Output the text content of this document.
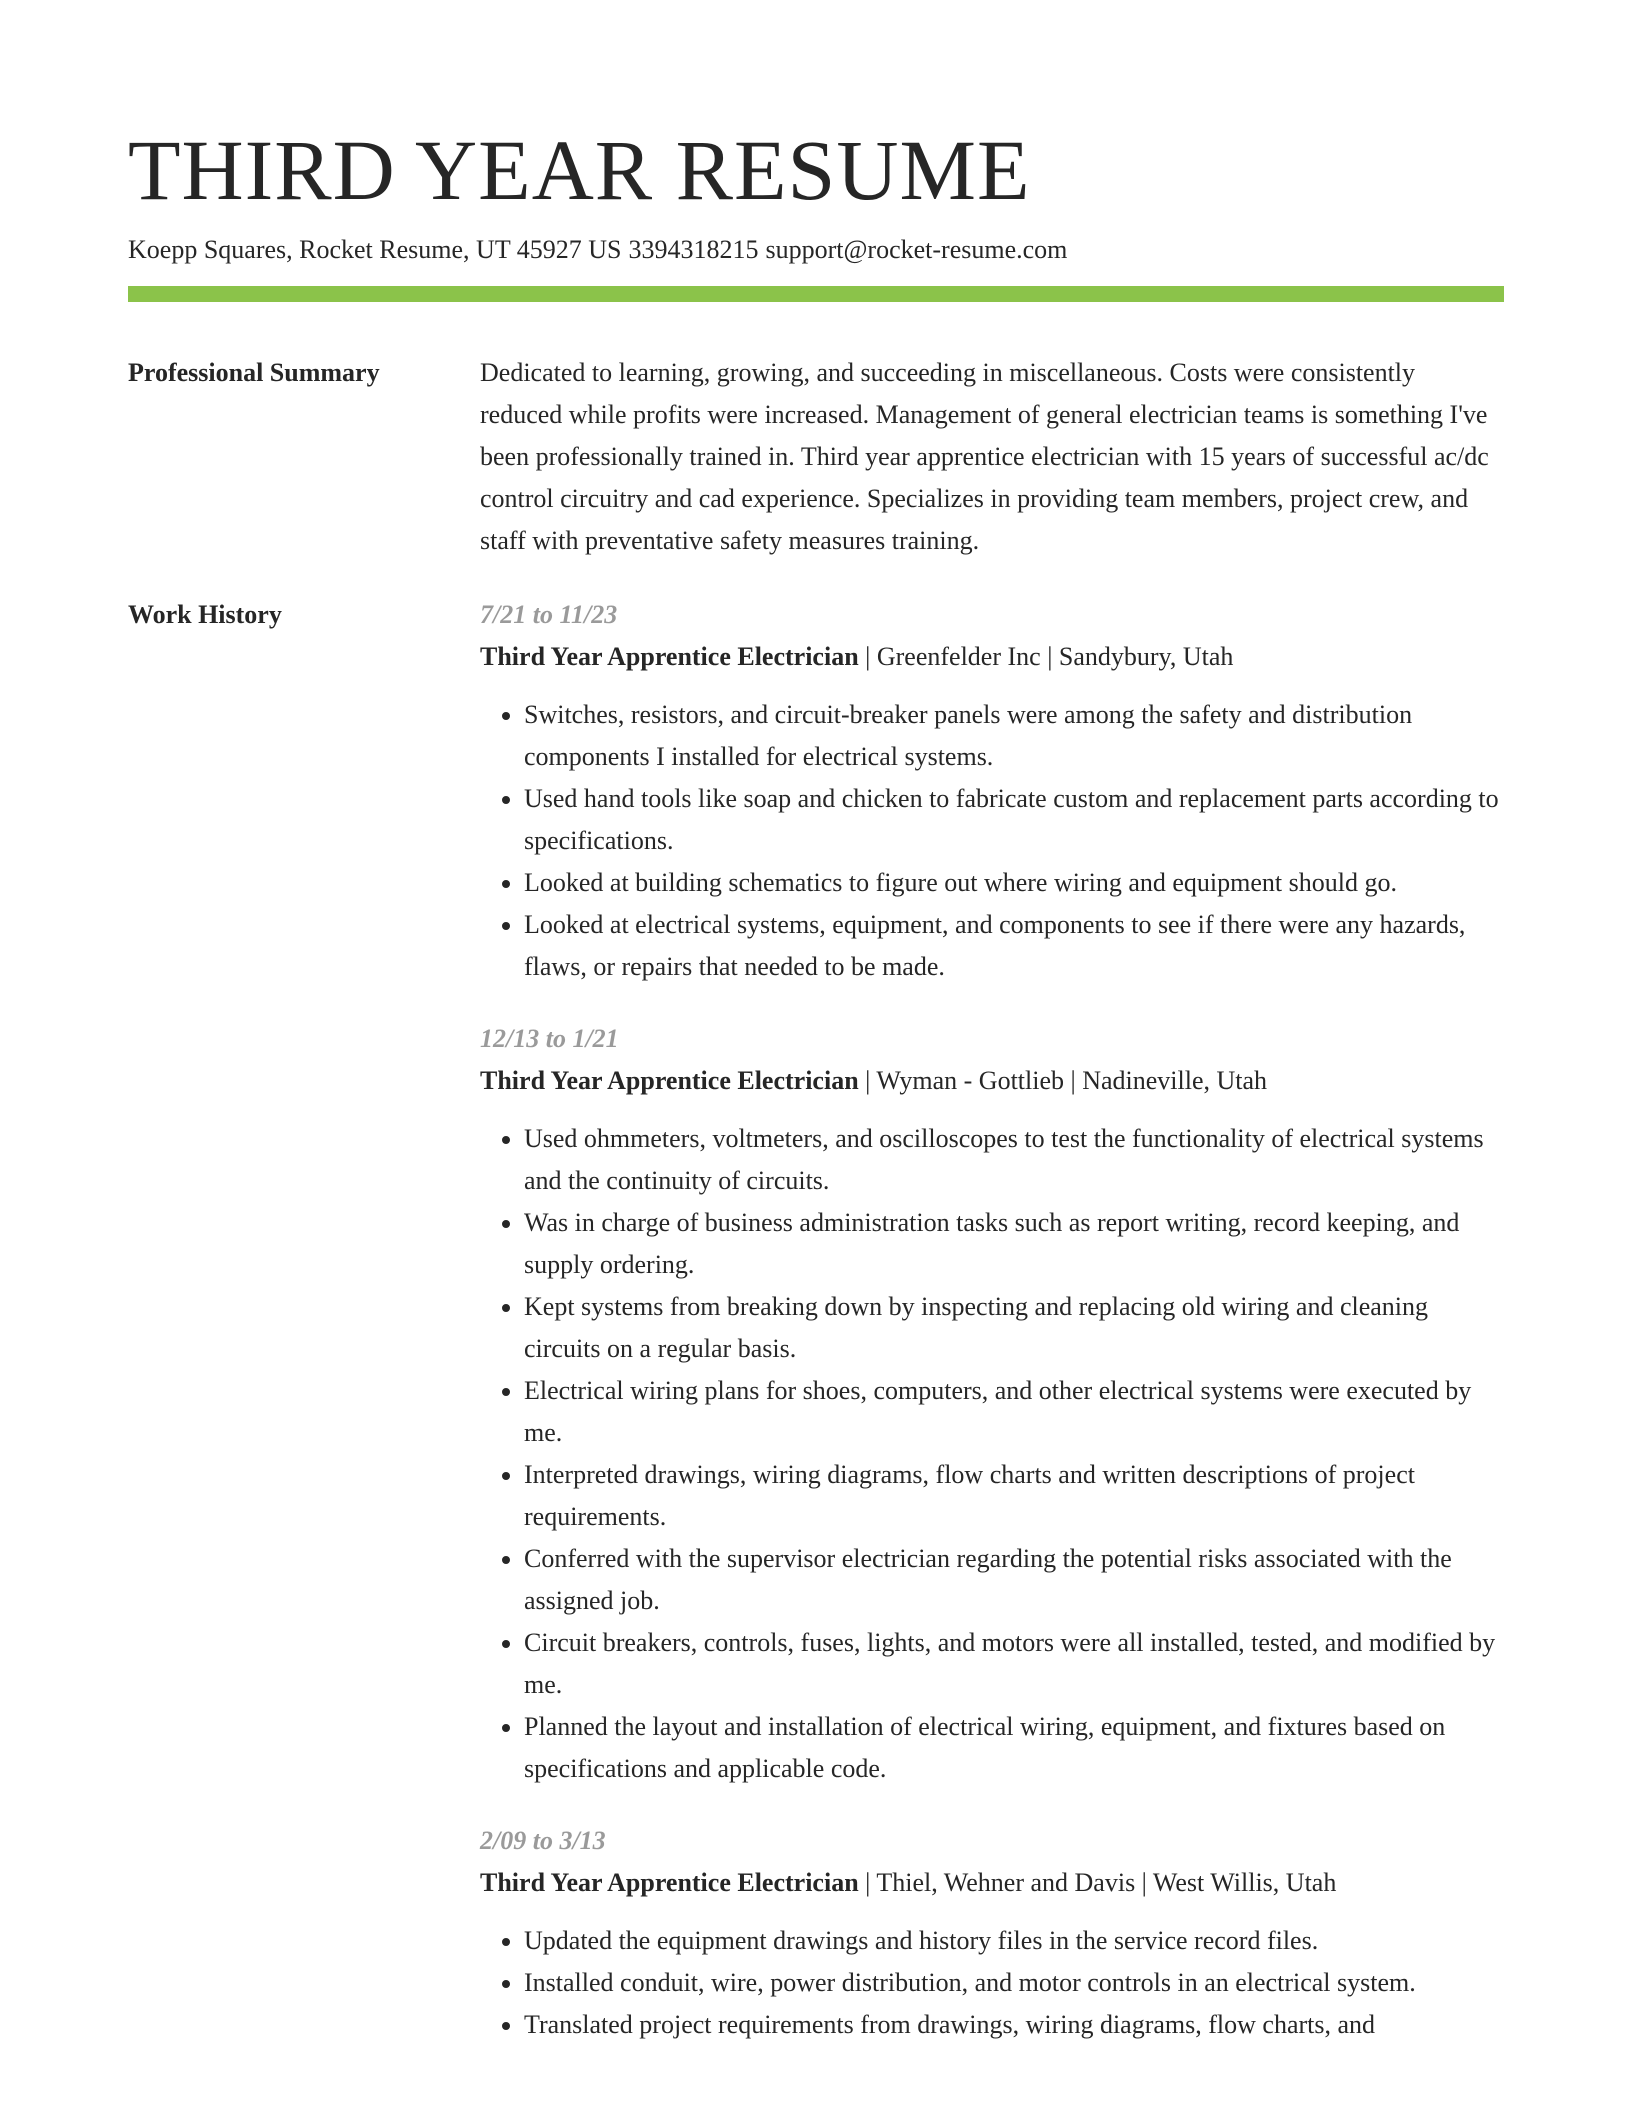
THIRD YEAR RESUME
Koepp Squares, Rocket Resume, UT 45927 US 3394318215 support@rocket-resume.com
Professional Summary	Dedicated to learning, growing, and succeeding in miscellaneous. Costs were consistently reduced while profits were increased. Management of general electrician teams is something I've been professionally trained in. Third year apprentice electrician with 15 years of successful ac/dc control circuitry and cad experience. Specializes in providing team members, project crew, and staff with preventative safety measures training.
Work History	7/21 to 11/23
Third Year Apprentice Electrician | Greenfelder Inc | Sandybury, Utah
• Switches, resistors, and circuit-breaker panels were among the safety and distribution components I installed for electrical systems.
• Used hand tools like soap and chicken to fabricate custom and replacement parts according to specifications.
• Looked at building schematics to figure out where wiring and equipment should go.
• Looked at electrical systems, equipment, and components to see if there were any hazards, flaws, or repairs that needed to be made.
12/13 to 1/21
Third Year Apprentice Electrician | Wyman - Gottlieb | Nadineville, Utah
• Used ohmmeters, voltmeters, and oscilloscopes to test the functionality of electrical systems and the continuity of circuits.
• Was in charge of business administration tasks such as report writing, record keeping, and supply ordering.
• Kept systems from breaking down by inspecting and replacing old wiring and cleaning circuits on a regular basis.
• Electrical wiring plans for shoes, computers, and other electrical systems were executed by me.
• Interpreted drawings, wiring diagrams, flow charts and written descriptions of project requirements.
• Conferred with the supervisor electrician regarding the potential risks associated with the assigned job.
• Circuit breakers, controls, fuses, lights, and motors were all installed, tested, and modified by me.
• Planned the layout and installation of electrical wiring, equipment, and fixtures based on specifications and applicable code.
2/09 to 3/13
Third Year Apprentice Electrician | Thiel, Wehner and Davis | West Willis, Utah
• Updated the equipment drawings and history files in the service record files.
• Installed conduit, wire, power distribution, and motor controls in an electrical system.
• Translated project requirements from drawings, wiring diagrams, flow charts, and
